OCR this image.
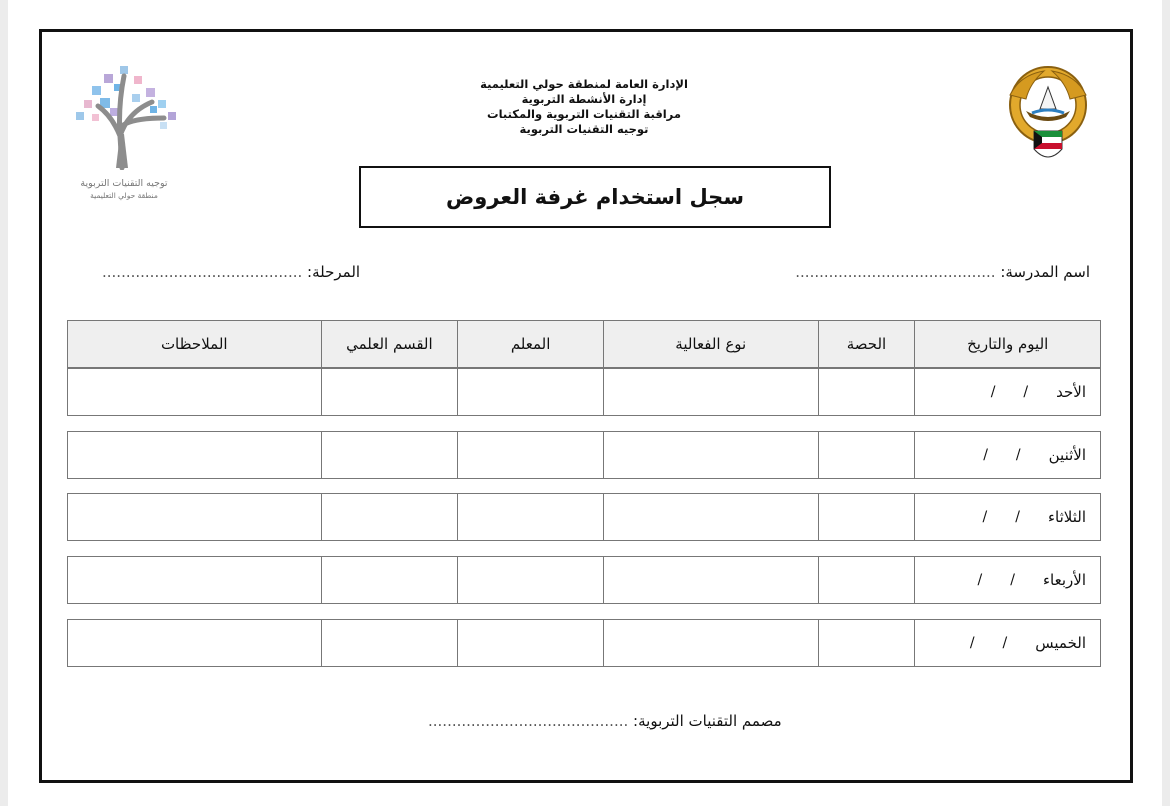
توجيه التقنيات التربوية
منطقة حولي التعليمية
الإدارة العامة لمنطقة حولي التعليمية
إدارة الأنشطة التربوية
مراقبة التقنيات التربوية والمكتبات
توجيه التقنيات التربوية
سجل استخدام غرفة العروض
اسم المدرسة: ..........................................
المرحلة: ..........................................
اليوم والتاريخ
الحصة
نوع الفعالية
المعلم
القسم العلمي
الملاحظات
الأحد
/
/
الأثنين
/
/
الثلاثاء
/
/
الأربعاء
/
/
الخميس
/
/
مصمم التقنيات التربوية: ..........................................
